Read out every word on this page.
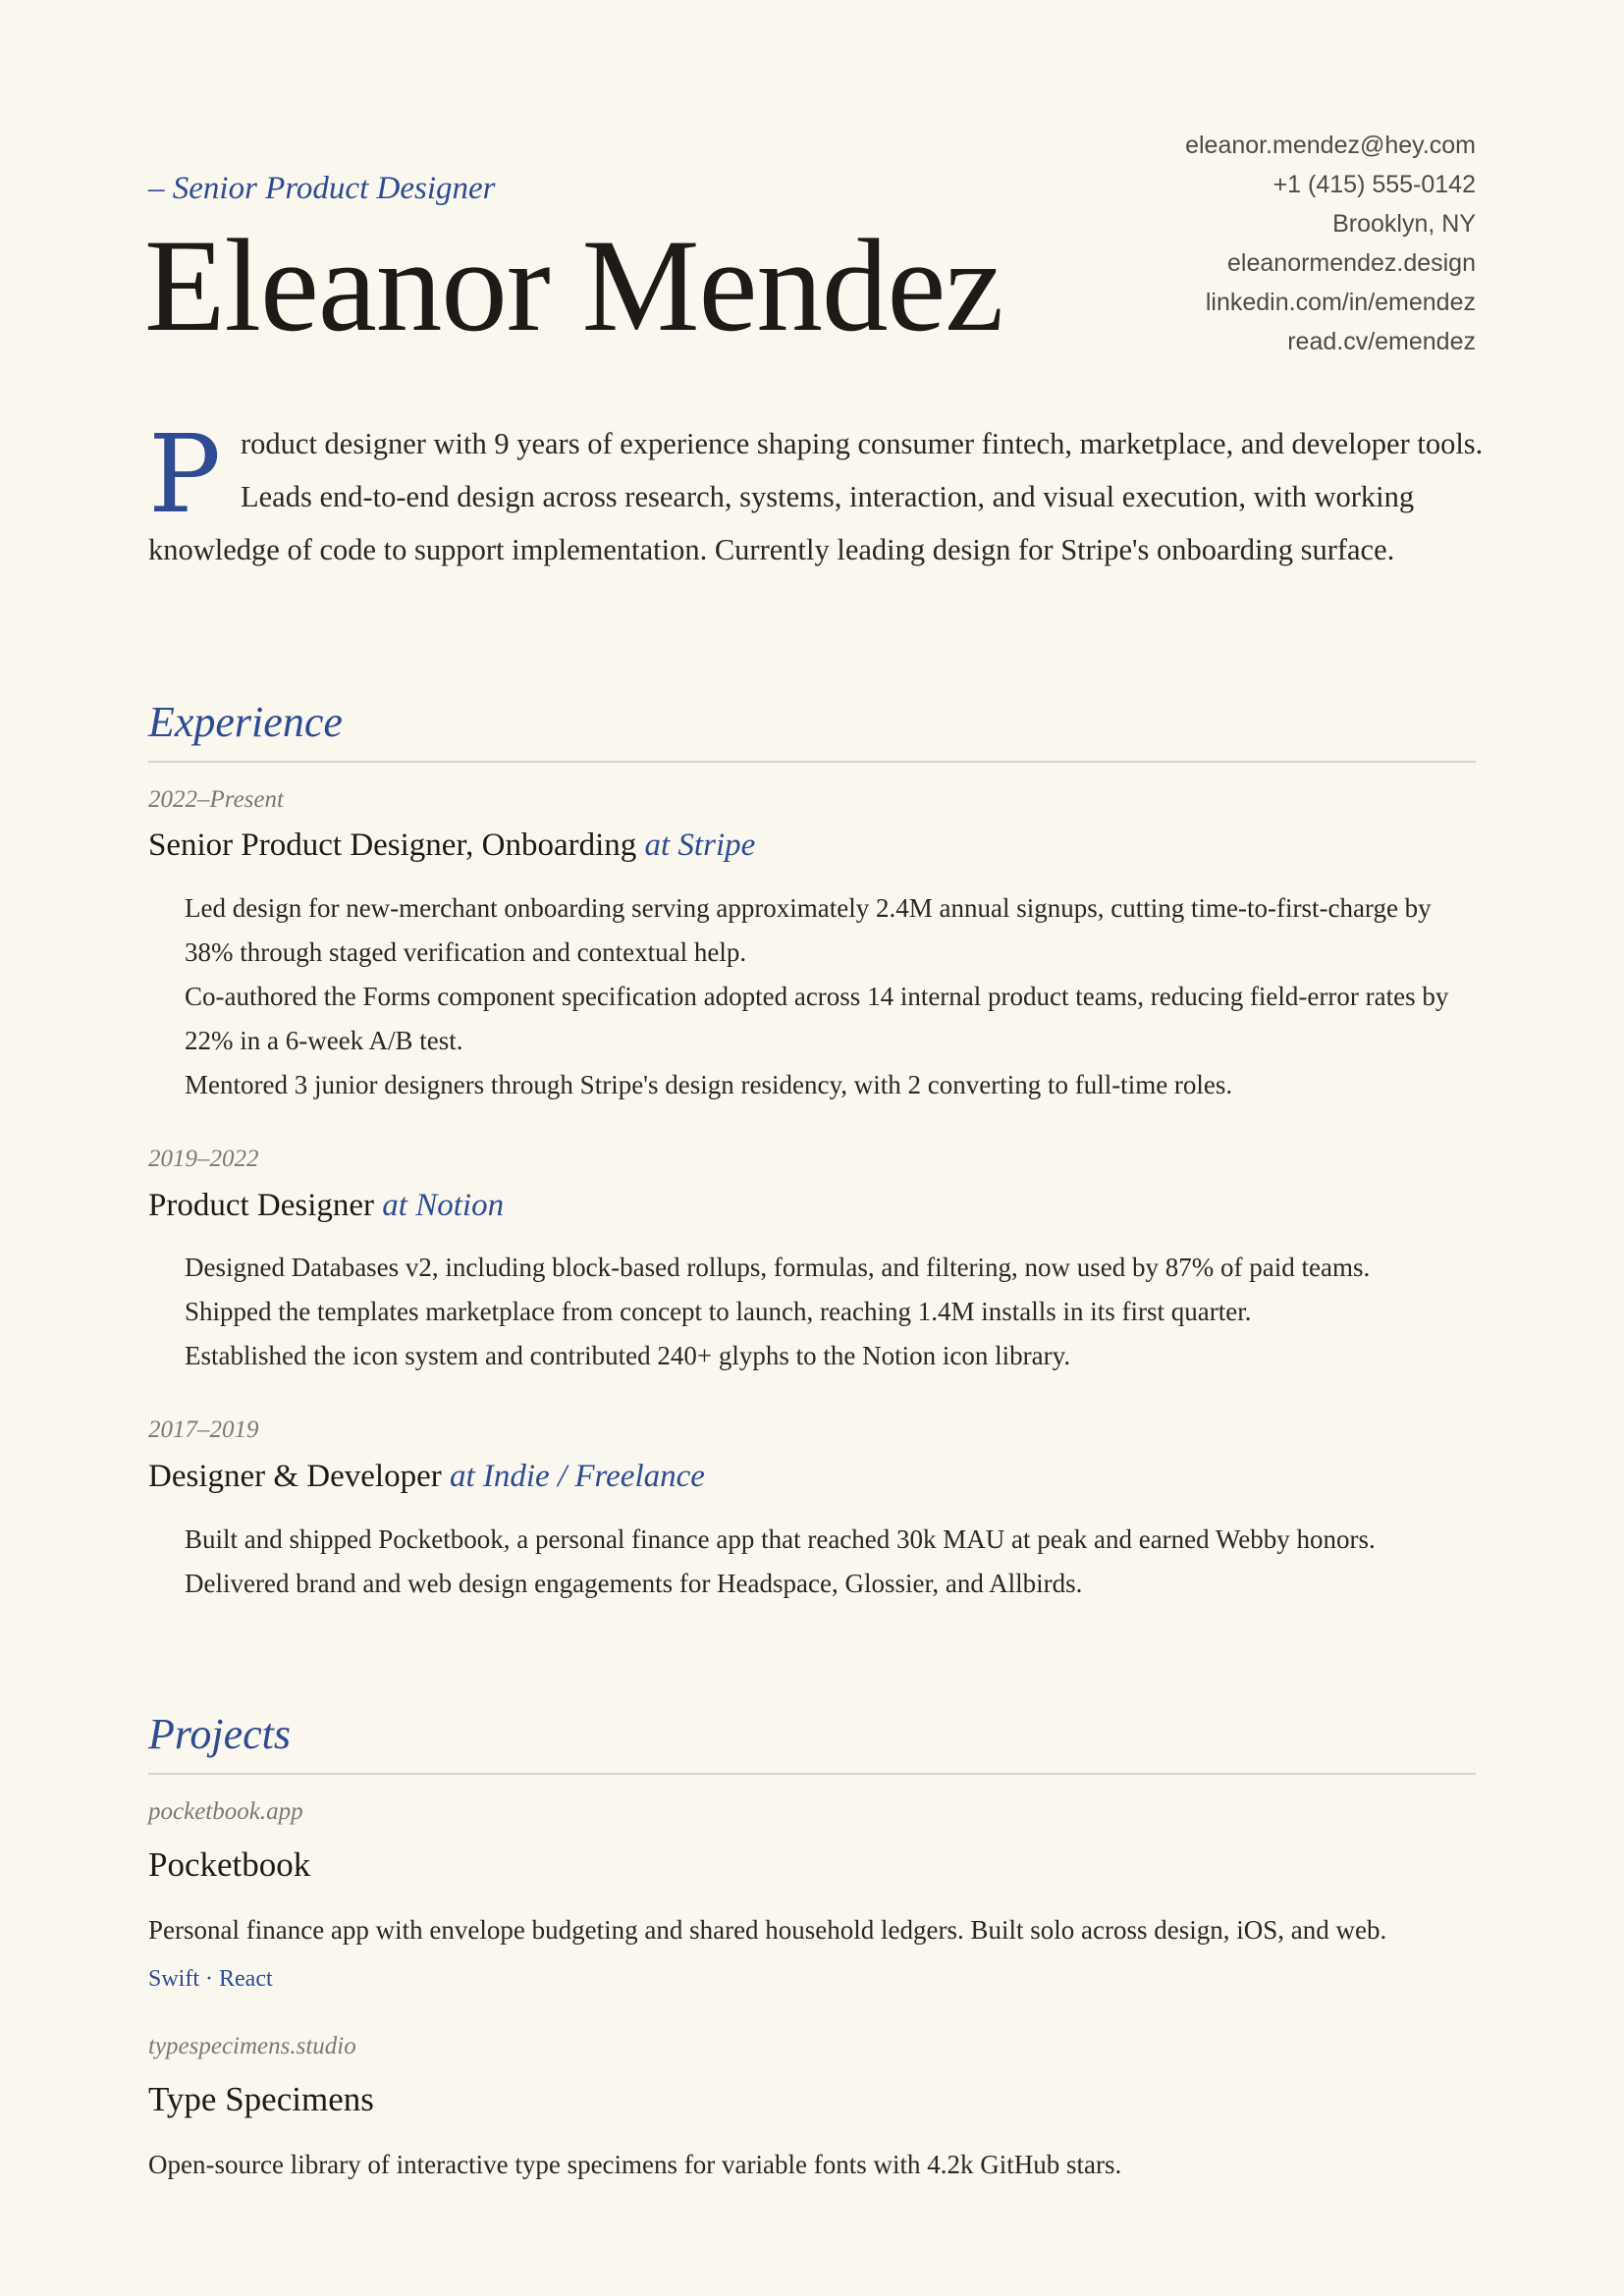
eleanor.mendez@hey.com
+1 (415) 555-0142
Brooklyn, NY
eleanormendez.design
linkedin.com/in/emendez
read.cv/emendez
– Senior Product Designer
Eleanor Mendez
Product designer with 9 years of experience shaping consumer fintech, marketplace, and developer tools. Leads end-to-end design across research, systems, interaction, and visual execution, with working knowledge of code to support implementation. Currently leading design for Stripe's onboarding surface.
Experience
2022–Present
Senior Product Designer, Onboarding at Stripe
Led design for new-merchant onboarding serving approximately 2.4M annual signups, cutting time-to-first-charge by 38% through staged verification and contextual help.
Co-authored the Forms component specification adopted across 14 internal product teams, reducing field-error rates by 22% in a 6-week A/B test.
Mentored 3 junior designers through Stripe's design residency, with 2 converting to full-time roles.
2019–2022
Product Designer at Notion
Designed Databases v2, including block-based rollups, formulas, and filtering, now used by 87% of paid teams.
Shipped the templates marketplace from concept to launch, reaching 1.4M installs in its first quarter.
Established the icon system and contributed 240+ glyphs to the Notion icon library.
2017–2019
Designer & Developer at Indie / Freelance
Built and shipped Pocketbook, a personal finance app that reached 30k MAU at peak and earned Webby honors.
Delivered brand and web design engagements for Headspace, Glossier, and Allbirds.
Projects
pocketbook.app
Pocketbook
Personal finance app with envelope budgeting and shared household ledgers. Built solo across design, iOS, and web.
Swift · React
typespecimens.studio
Type Specimens
Open-source library of interactive type specimens for variable fonts with 4.2k GitHub stars.
